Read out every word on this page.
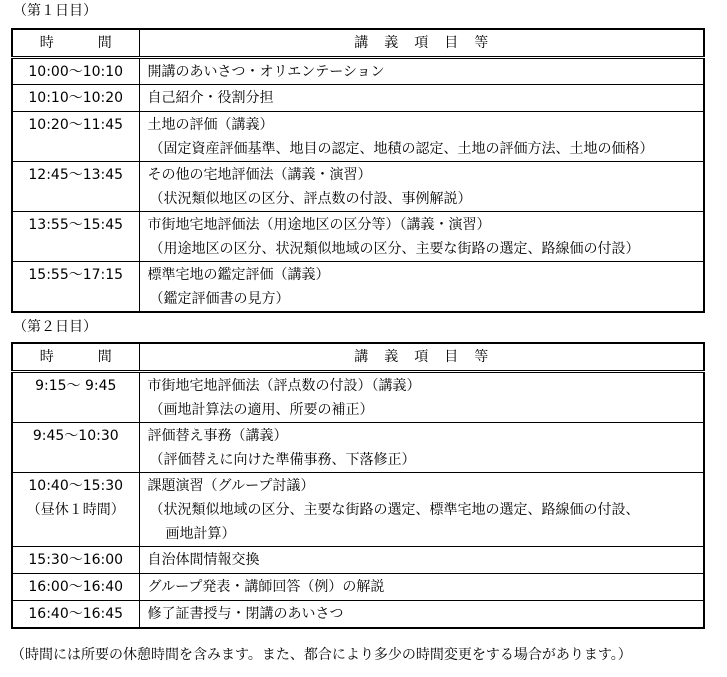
（第１日目）
時 間	講 義 項 目 等
10:00〜10:10	開講のあいさつ・オリエンテーション
10:10〜10:20	自己紹介・役割分担
10:20〜11:45	土地の評価（講義）
（固定資産評価基準、地目の認定、地積の認定、土地の評価方法、土地の価格）

12:45〜13:45	その他の宅地評価法（講義・演習）
（状況類似地区の区分、評点数の付設、事例解説）

13:55〜15:45	市街地宅地評価法（用途地区の区分等）（講義・演習）
（用途地区の区分、状況類似地域の区分、主要な街路の選定、路線価の付設）

15:55〜17:15	標準宅地の鑑定評価（講義）
（鑑定評価書の見方）
（第２日目）
時 間	講 義 項 目 等
9:15〜 9:45	市街地宅地評価法（評点数の付設）（講義）
（画地計算法の適用、所要の補正）

9:45〜10:30	評価替え事務（講義）
（評価替えに向けた準備事務、下落修正）

10:40〜15:30
（昼休１時間）	課題演習（グループ討議）
（状況類似地域の区分、主要な街路の選定、標準宅地の選定、路線価の付設、
画地計算）

15:30〜16:00	自治体間情報交換
16:00〜16:40	グループ発表・講師回答（例）の解説
16:40〜16:45	修了証書授与・閉講のあいさつ
（時間には所要の休憩時間を含みます。また、都合により多少の時間変更をする場合があります。）
